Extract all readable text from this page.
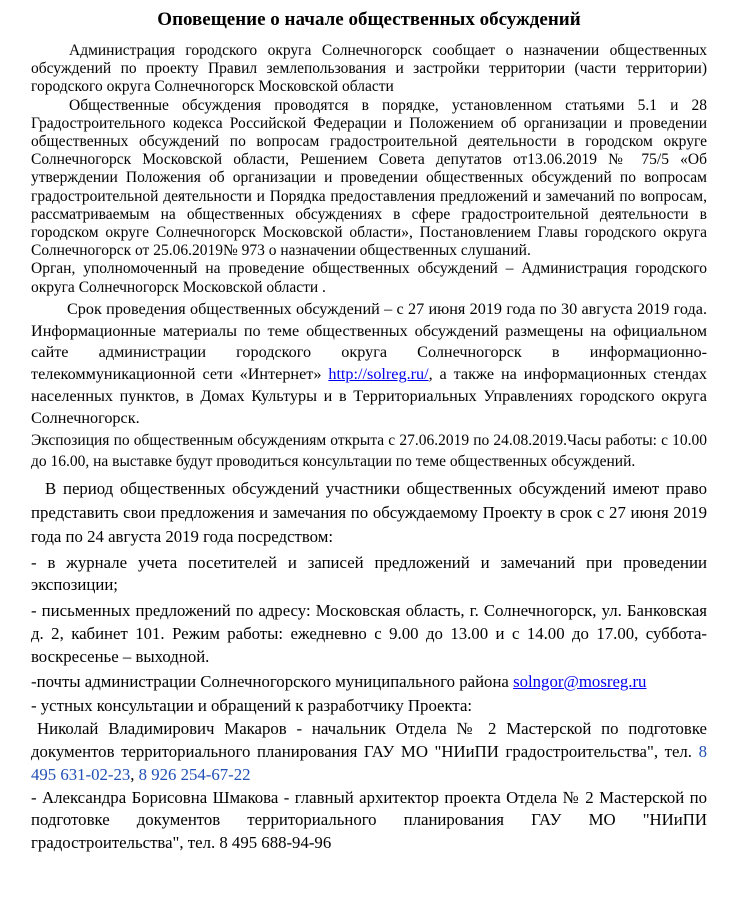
Оповещение о начале общественных обсуждений

Администрация городского округа Солнечногорск сообщает о назначении общественных обсуждений по проекту Правил землепользования и застройки территории (части территории) городского округа Солнечногорск Московской области

Общественные обсуждения проводятся в порядке, установленном статьями 5.1 и 28 Градостроительного кодекса Российской Федерации и Положением об организации и проведении общественных обсуждений по вопросам градостроительной деятельности в городском округе Солнечногорск Московской области, Решением Совета депутатов от13.06.2019 № 75/5 «Об утверждении Положения об организации и проведении общественных обсуждений по вопросам градостроительной деятельности и Порядка предоставления предложений и замечаний по вопросам, рассматриваемым на общественных обсуждениях в сфере градостроительной деятельности в городском округе Солнечногорск Московской области», Постановлением Главы городского округа Солнечногорск от 25.06.2019№ 973 о назначении общественных слушаний.

Орган, уполномоченный на проведение общественных обсуждений – Администрация городского округа Солнечногорск Московской области .

Срок проведения общественных обсуждений – с 27 июня 2019 года по 30 августа 2019 года. Информационные материалы по теме общественных обсуждений размещены на официальном сайте администрации городского округа Солнечногорск в информационно-телекоммуникационной сети «Интернет» http://solreg.ru/, а также на информационных стендах населенных пунктов, в Домах Культуры и в Территориальных Управлениях городского округа Солнечногорск.

Экспозиция по общественным обсуждениям открыта с 27.06.2019 по 24.08.2019.Часы работы: с 10.00 до 16.00, на выставке будут проводиться консультации по теме общественных обсуждений.

В период общественных обсуждений участники общественных обсуждений имеют право представить свои предложения и замечания по обсуждаемому Проекту в срок с 27 июня 2019 года по 24 августа 2019 года посредством:

- в журнале учета посетителей и записей предложений и замечаний при проведении экспозиции;

- письменных предложений по адресу: Московская область, г. Солнечногорск, ул. Банковская д. 2, кабинет 101. Режим работы: ежедневно с 9.00 до 13.00 и с 14.00 до 17.00, суббота-воскресенье – выходной.

-почты администрации Солнечногорского муниципального района solngor@mosreg.ru

- устных консультации и обращений к разработчику Проекта:

Николай Владимирович Макаров - начальник Отдела № 2 Мастерской по подготовке документов территориального планирования ГАУ МО "НИиПИ градостроительства", тел. 8 495 631-02-23, 8 926 254-67-22

- Александра Борисовна Шмакова - главный архитектор проекта Отдела № 2 Мастерской по подготовке документов территориального планирования ГАУ МО "НИиПИ градостроительства", тел. 8 495 688-94-96
